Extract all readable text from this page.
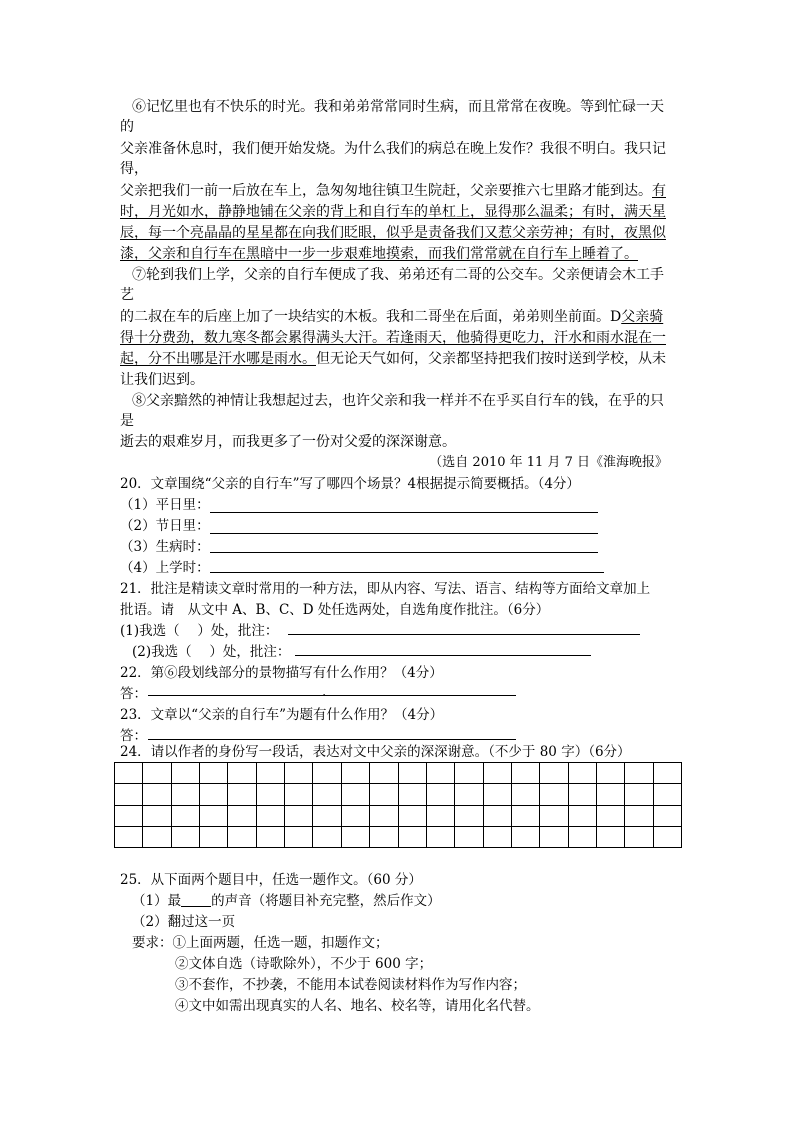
⑥记忆里也有不快乐的时光。我和弟弟常常同时生病，而且常常在夜晚。等到忙碌一天
的
父亲准备休息时，我们便开始发烧。为什么我们的病总在晚上发作？我很不明白。我只记
得，
父亲把我们一前一后放在车上，急匆匆地往镇卫生院赶，父亲要推六七里路才能到达。有
时，月光如水，静静地铺在父亲的背上和自行车的单杠上，显得那么温柔；有时，满天星
辰，每一个亮晶晶的星星都在向我们眨眼，似乎是责备我们又惹父亲劳神；有时，夜黑似
漆，父亲和自行车在黑暗中一步一步艰难地摸索，而我们常常就在自行车上睡着了。
⑦轮到我们上学，父亲的自行车便成了我、弟弟还有二哥的公交车。父亲便请会木工手
艺
的二叔在车的后座上加了一块结实的木板。我和二哥坐在后面，弟弟则坐前面。D父亲骑
得十分费劲，数九寒冬都会累得满头大汗。若逢雨天，他骑得更吃力，汗水和雨水混在一
起，分不出哪是汗水哪是雨水。但无论天气如何，父亲都坚持把我们按时送到学校，从未
让我们迟到。
⑧父亲黯然的神情让我想起过去，也许父亲和我一样并不在乎买自行车的钱，在乎的只
是
逝去的艰难岁月，而我更多了一份对父爱的深深谢意。
（选自 2010 年 11 月 7 日《淮海晚报》
20．文章围绕“父亲的自行车”写了哪四个场景？4根据提示简要概括。（4分）
（1）平日里：
（2）节日里：
（3）生病时：
（4）上学时：
21．批注是精读文章时常用的一种方法，即从内容、写法、语言、结构等方面给文章加上
批语。请　从文中 A、B、C、D 处任选两处，自选角度作批注。（6分）
(1)我选（　 ）处，批注：
(2)我选（　 ）处，批注：
22．第⑥段划线部分的景物描写有什么作用？（4分）
答：	.
23．文章以“父亲的自行车”为题有什么作用？（4分）
答：
24．请以作者的身份写一段话，表达对文中父亲的深深谢意。（不少于 80 字）（6分）
25．从下面两个题目中，任选一题作文。（60 分）
（1）最 的声音（将题目补充完整，然后作文）
（2）翻过这一页
要求：①上面两题，任选一题，扣题作文；
②文体自选（诗歌除外），不少于 600 字；
③不套作，不抄袭，不能用本试卷阅读材料作为写作内容；
④文中如需出现真实的人名、地名、校名等，请用化名代替。
